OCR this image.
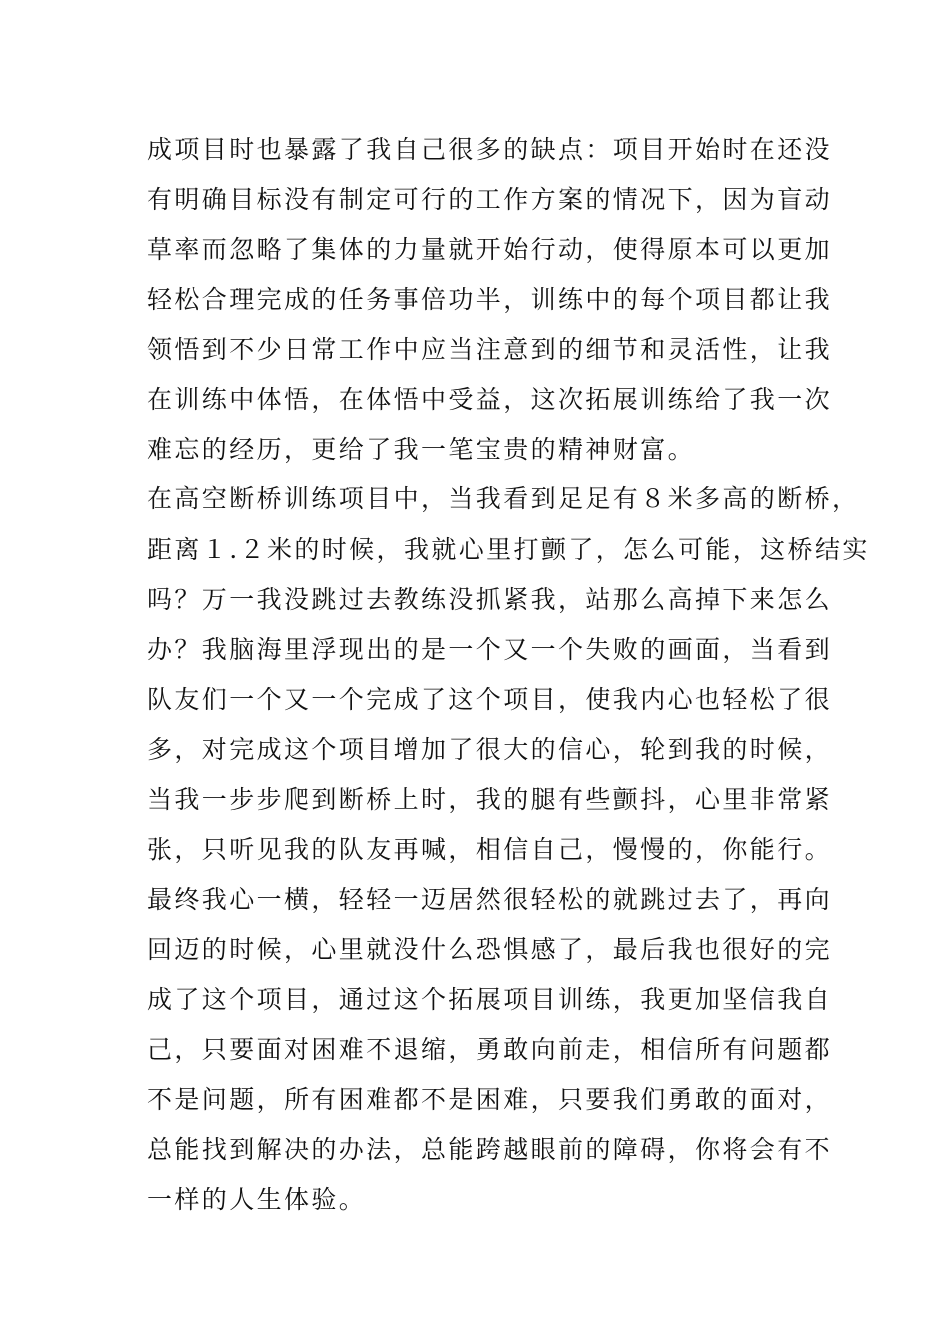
成项目时也暴露了我自己很多的缺点：项目开始时在还没
有明确目标没有制定可行的工作方案的情况下，因为盲动
草率而忽略了集体的力量就开始行动，使得原本可以更加
轻松合理完成的任务事倍功半，训练中的每个项目都让我
领悟到不少日常工作中应当注意到的细节和灵活性，让我
在训练中体悟，在体悟中受益，这次拓展训练给了我一次
难忘的经历，更给了我一笔宝贵的精神财富。
在高空断桥训练项目中，当我看到足足有８米多高的断桥，
距离１.２米的时候，我就心里打颤了，怎么可能，这桥结实
吗？万一我没跳过去教练没抓紧我，站那么高掉下来怎么
办？我脑海里浮现出的是一个又一个失败的画面，当看到
队友们一个又一个完成了这个项目，使我内心也轻松了很
多，对完成这个项目增加了很大的信心，轮到我的时候，
当我一步步爬到断桥上时，我的腿有些颤抖，心里非常紧
张，只听见我的队友再喊，相信自己，慢慢的，你能行。
最终我心一横，轻轻一迈居然很轻松的就跳过去了，再向
回迈的时候，心里就没什么恐惧感了，最后我也很好的完
成了这个项目，通过这个拓展项目训练，我更加坚信我自
己，只要面对困难不退缩，勇敢向前走，相信所有问题都
不是问题，所有困难都不是困难，只要我们勇敢的面对，
总能找到解决的办法，总能跨越眼前的障碍，你将会有不
一样的人生体验。
